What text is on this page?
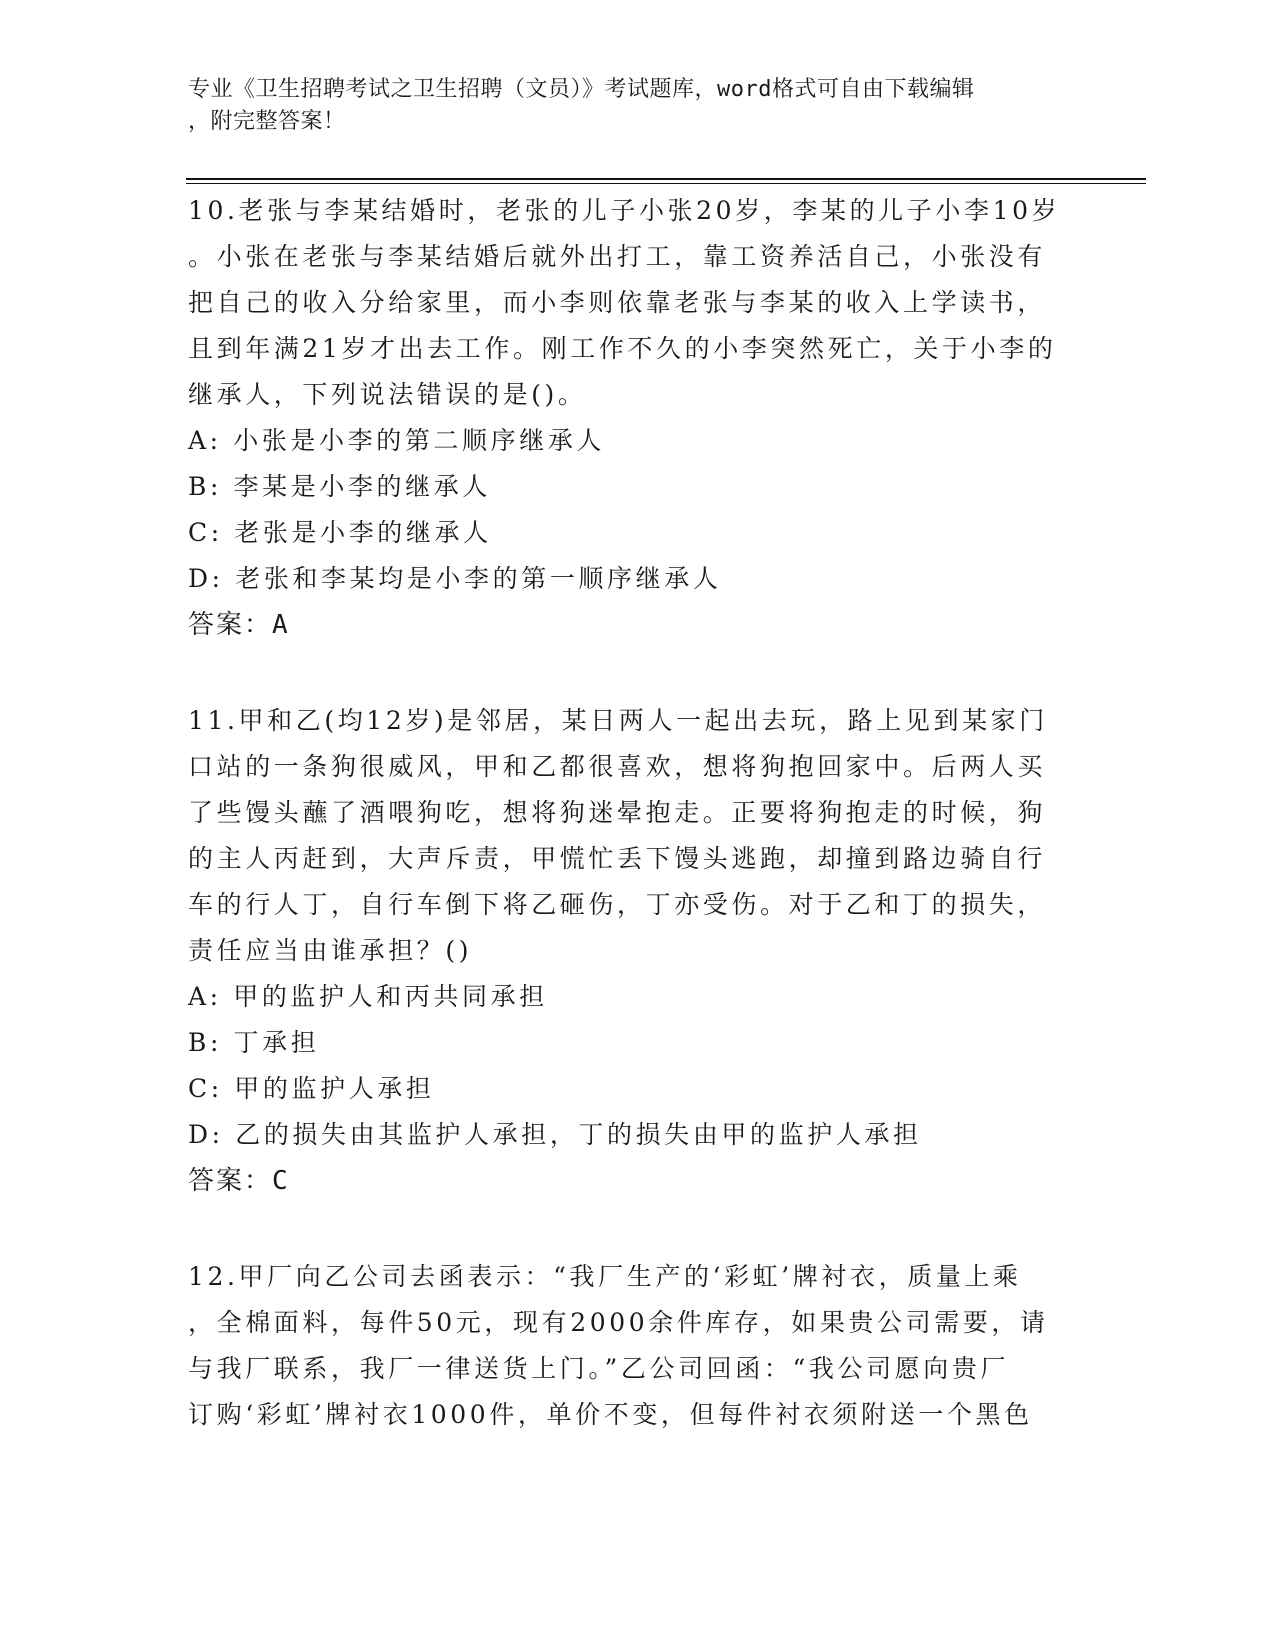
专业《卫生招聘考试之卫生招聘（文员）》考试题库，word格式可自由下载编辑
，附完整答案！
10.老张与李某结婚时，老张的儿子小张20岁，李某的儿子小李10岁
。小张在老张与李某结婚后就外出打工，靠工资养活自己，小张没有
把自己的收入分给家里，而小李则依靠老张与李某的收入上学读书，
且到年满21岁才出去工作。刚工作不久的小李突然死亡，关于小李的
继承人，下列说法错误的是()。
A: 小张是小李的第二顺序继承人
B: 李某是小李的继承人
C: 老张是小李的继承人
D: 老张和李某均是小李的第一顺序继承人
答案：A
11.甲和乙(均12岁)是邻居，某日两人一起出去玩，路上见到某家门
口站的一条狗很威风，甲和乙都很喜欢，想将狗抱回家中。后两人买
了些馒头蘸了酒喂狗吃，想将狗迷晕抱走。正要将狗抱走的时候，狗
的主人丙赶到，大声斥责，甲慌忙丢下馒头逃跑，却撞到路边骑自行
车的行人丁，自行车倒下将乙砸伤，丁亦受伤。对于乙和丁的损失，
责任应当由谁承担？()
A: 甲的监护人和丙共同承担
B: 丁承担
C: 甲的监护人承担
D: 乙的损失由其监护人承担，丁的损失由甲的监护人承担
答案：C
12.甲厂向乙公司去函表示：“我厂生产的‘彩虹’牌衬衣，质量上乘
，全棉面料，每件50元，现有2000余件库存，如果贵公司需要，请
与我厂联系，我厂一律送货上门。”乙公司回函：“我公司愿向贵厂
订购‘彩虹’牌衬衣1000件，单价不变，但每件衬衣须附送一个黑色
